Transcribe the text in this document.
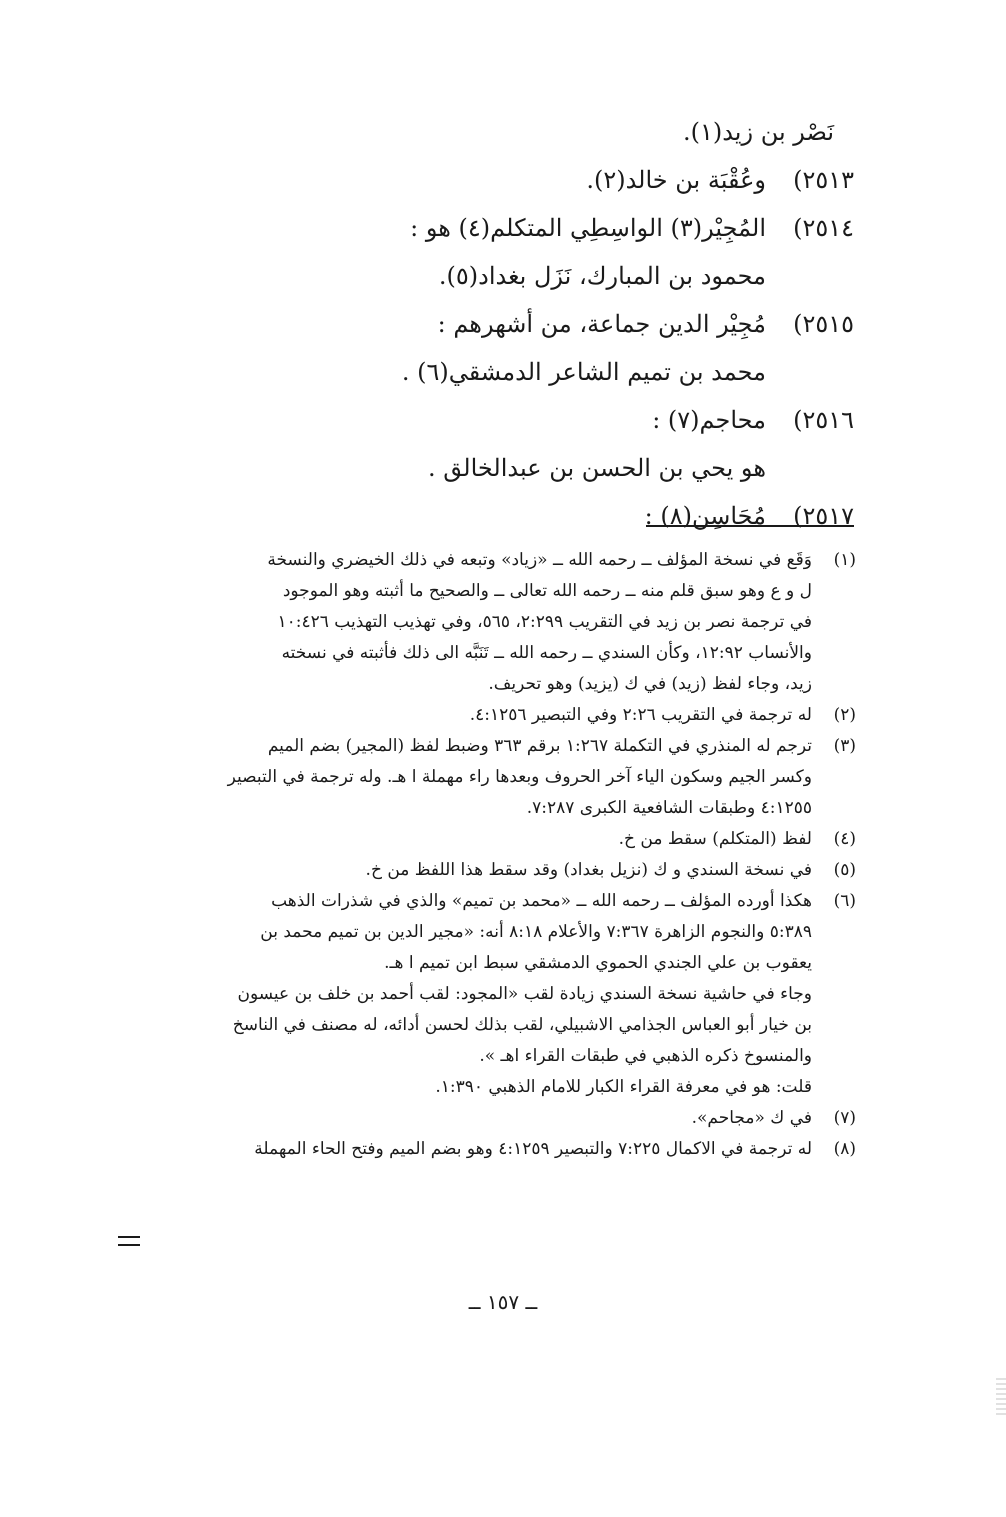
نَصْر بن زيد(١).
٢٥١٣)
وعُقْبَة بن خالد(٢).
٢٥١٤)
المُجِيْر(٣) الواسِطِي المتكلم(٤) هو :
محمود بن المبارك، نَزَل بغداد(٥).
٢٥١٥)
مُجِيْر الدين جماعة، من أشهرهم :
محمد بن تميم الشاعر الدمشقي(٦) .
٢٥١٦)
محاجم(٧) :
هو يحي بن الحسن بن عبدالخالق .
٢٥١٧)
مُحَاسِن(٨) :
(١)
وَقَع في نسخة المؤلف ــ رحمه الله ــ «زياد» وتبعه في ذلك الخيضري والنسخة
ل و ع وهو سبق قلم منه ــ رحمه الله تعالى ــ والصحيح ما أثبته وهو الموجود
في ترجمة نصر بن زيد في التقريب ٢:٢٩٩، ٥٦٥، وفي تهذيب التهذيب ١٠:٤٢٦
والأنساب ١٢:٩٢، وكأن السندي ــ رحمه الله ــ تَنَبَّه الى ذلك فأثبته في نسخته
زيد، وجاء لفظ (زيد) في ك (يزيد) وهو تحريف.
(٢)
له ترجمة في التقريب ٢:٢٦ وفي التبصير ٤:١٢٥٦.
(٣)
ترجم له المنذري في التكملة ١:٢٦٧ برقم ٣٦٣ وضبط لفظ (المجير) بضم الميم
وكسر الجيم وسكون الياء آخر الحروف وبعدها راء مهملة ا هـ. وله ترجمة في التبصير
٤:١٢٥٥ وطبقات الشافعية الكبرى ٧:٢٨٧.
(٤)
لفظ (المتكلم) سقط من خ.
(٥)
في نسخة السندي و ك (نزيل بغداد) وقد سقط هذا اللفظ من خ.
(٦)
هكذا أورده المؤلف ــ رحمه الله ــ «محمد بن تميم» والذي في شذرات الذهب
٥:٣٨٩ والنجوم الزاهرة ٧:٣٦٧ والأعلام ٨:١٨ أنه: «مجير الدين بن تميم محمد بن
يعقوب بن علي الجندي الحموي الدمشقي سبط ابن تميم ا هـ.
وجاء في حاشية نسخة السندي زيادة لقب «المجود: لقب أحمد بن خلف بن عيسون
بن خيار أبو العباس الجذامي الاشبيلي، لقب بذلك لحسن أدائه، له مصنف في الناسخ
والمنسوخ ذكره الذهبي في طبقات القراء اهـ ».
قلت: هو في معرفة القراء الكبار للامام الذهبي ١:٣٩٠.
(٧)
في ك «مجاحم».
(٨)
له ترجمة في الاكمال ٧:٢٢٥ والتبصير ٤:١٢٥٩ وهو بضم الميم وفتح الحاء المهملة
ــ ١٥٧ ــ
